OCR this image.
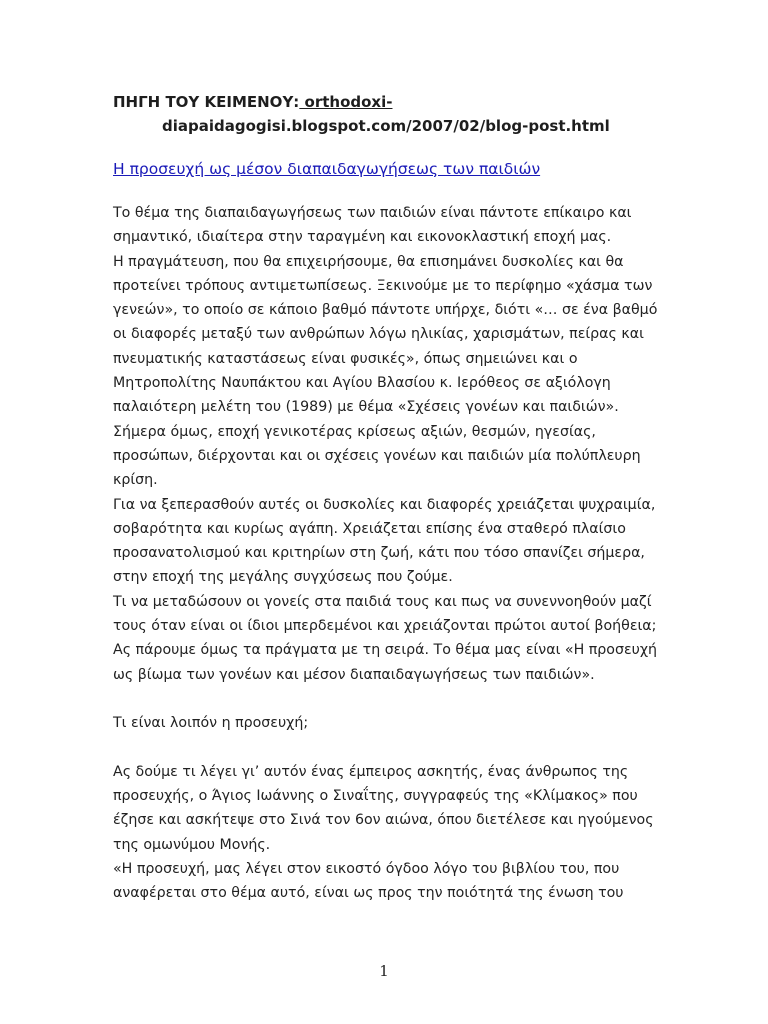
ΠΗΓΗ ΤΟΥ ΚΕΙΜΕΝΟΥ: orthodoxi-
diapaidagogisi.blogspot.com/2007/02/blog-post.html
Η προσευχή ως μέσον διαπαιδαγωγήσεως των παιδιών
Το θέμα της διαπαιδαγωγήσεως των παιδιών είναι πάντοτε επίκαιρο και
σημαντικό, ιδιαίτερα στην ταραγμένη και εικονοκλαστική εποχή μας.
Η πραγμάτευση, που θα επιχειρήσουμε, θα επισημάνει δυσκολίες και θα
προτείνει τρόπους αντιμετωπίσεως. Ξεκινούμε με το περίφημο «χάσμα των
γενεών», το οποίο σε κάποιο βαθμό πάντοτε υπήρχε, διότι «… σε ένα βαθμό
οι διαφορές μεταξύ των ανθρώπων λόγω ηλικίας, χαρισμάτων, πείρας και
πνευματικής καταστάσεως είναι φυσικές», όπως σημειώνει και ο
Μητροπολίτης Ναυπάκτου και Αγίου Βλασίου κ. Ιερόθεος σε αξιόλογη
παλαιότερη μελέτη του (1989) με θέμα «Σχέσεις γονέων και παιδιών».
Σήμερα όμως, εποχή γενικοτέρας κρίσεως αξιών, θεσμών, ηγεσίας,
προσώπων, διέρχονται και οι σχέσεις γονέων και παιδιών μία πολύπλευρη
κρίση.
Για να ξεπερασθούν αυτές οι δυσκολίες και διαφορές χρειάζεται ψυχραιμία,
σοβαρότητα και κυρίως αγάπη. Χρειάζεται επίσης ένα σταθερό πλαίσιο
προσανατολισμού και κριτηρίων στη ζωή, κάτι που τόσο σπανίζει σήμερα,
στην εποχή της μεγάλης συγχύσεως που ζούμε.
Τι να μεταδώσουν οι γονείς στα παιδιά τους και πως να συνεννοηθούν μαζί
τους όταν είναι οι ίδιοι μπερδεμένοι και χρειάζονται πρώτοι αυτοί βοήθεια;
Ας πάρουμε όμως τα πράγματα με τη σειρά. Το θέμα μας είναι «Η προσευχή
ως βίωμα των γονέων και μέσον διαπαιδαγωγήσεως των παιδιών».
Τι είναι λοιπόν η προσευχή;
Ας δούμε τι λέγει γι’ αυτόν ένας έμπειρος ασκητής, ένας άνθρωπος της
προσευχής, ο Άγιος Ιωάννης ο Σιναΐτης, συγγραφεύς της «Κλίμακος» που
έζησε και ασκήτεψε στο Σινά τον 6ον αιώνα, όπου διετέλεσε και ηγούμενος
της ομωνύμου Μονής.
«Η προσευχή, μας λέγει στον εικοστό όγδοο λόγο του βιβλίου του, που
αναφέρεται στο θέμα αυτό, είναι ως προς την ποιότητά της ένωση του
1
